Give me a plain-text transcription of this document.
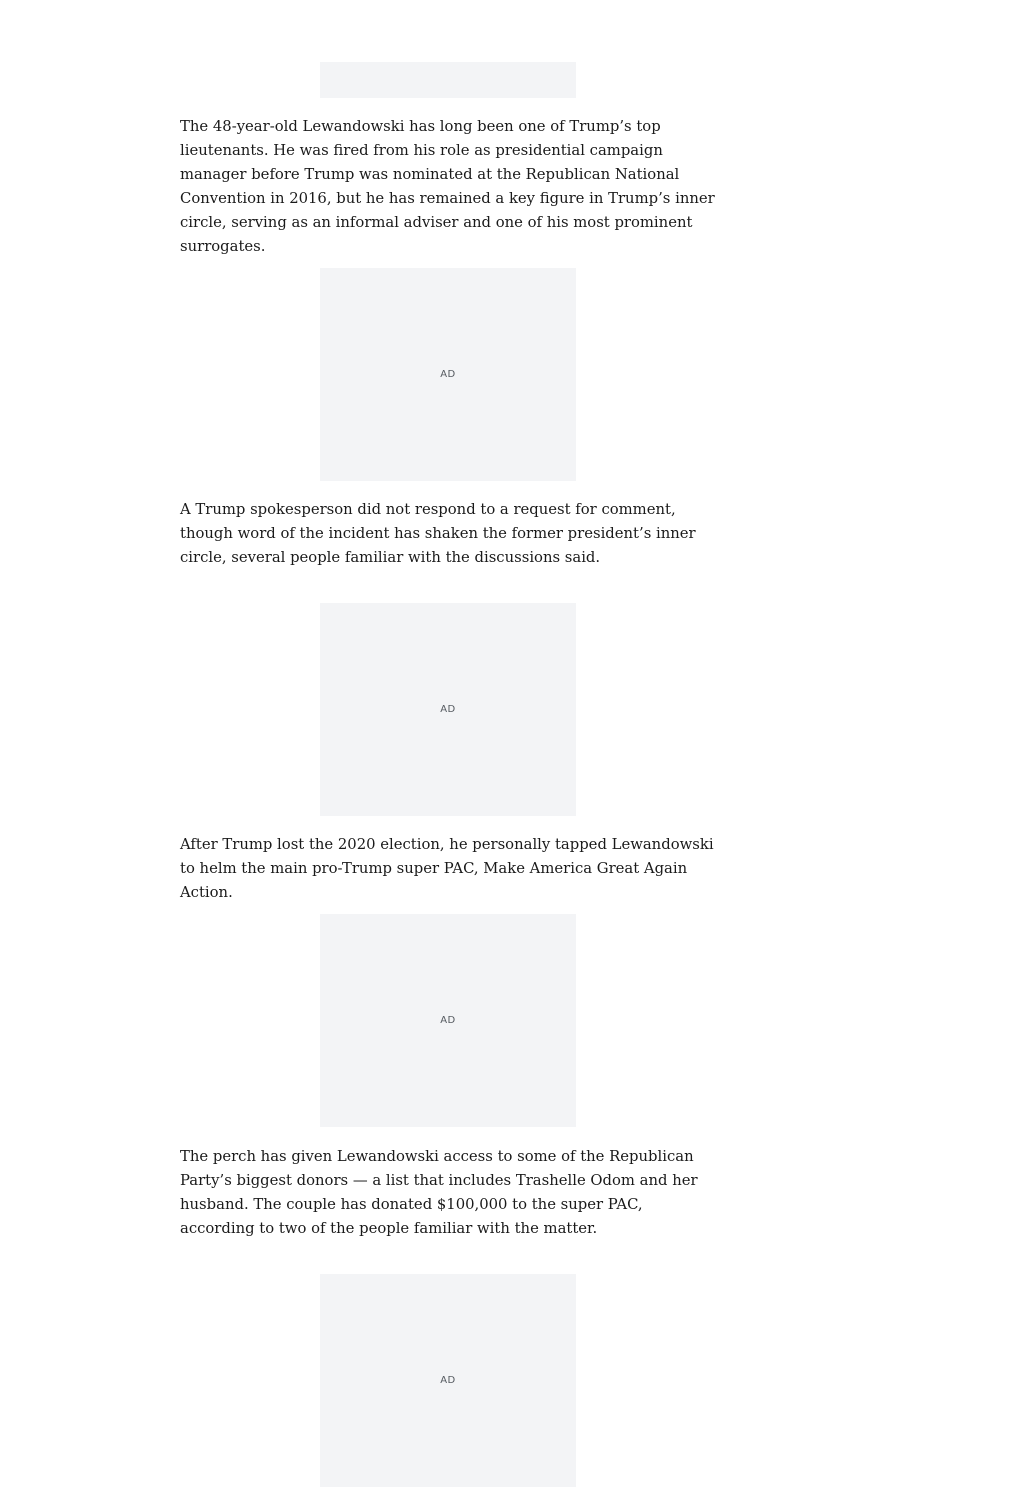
The 48-year-old Lewandowski has long been one of Trump’s top lieutenants. He was fired from his role as presidential campaign manager before Trump was nominated at the Republican National Convention in 2016, but he has remained a key figure in Trump’s inner circle, serving as an informal adviser and one of his most prominent surrogates.

AD

A Trump spokesperson did not respond to a request for comment, though word of the incident has shaken the former president’s inner circle, several people familiar with the discussions said.

AD

After Trump lost the 2020 election, he personally tapped Lewandowski to helm the main pro-Trump super PAC, Make America Great Again Action.

AD

The perch has given Lewandowski access to some of the Republican Party’s biggest donors — a list that includes Trashelle Odom and her husband. The couple has donated $100,000 to the super PAC, according to two of the people familiar with the matter.

AD
